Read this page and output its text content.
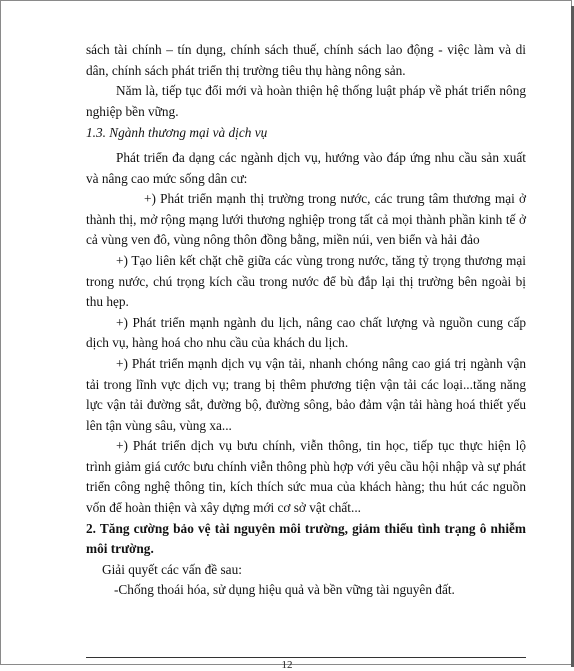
sách tài chính – tín dụng, chính sách thuế, chính sách lao động - việc làm và di dân, chính sách phát triển thị trường tiêu thụ hàng nông sản.

Năm là, tiếp tục đổi mới và hoàn thiện hệ thống luật pháp về phát triển nông nghiệp bền vững.

1.3. Ngành thương mại và dịch vụ

Phát triển đa dạng các ngành dịch vụ, hướng vào đáp ứng nhu cầu sản xuất và nâng cao mức sống dân cư:

+) Phát triển mạnh thị trường trong nước, các trung tâm thương mại ở thành thị, mở rộng mạng lưới thương nghiệp trong tất cả mọi thành phần kinh tế ở cả vùng ven đô, vùng nông thôn đồng bằng, miền núi, ven biển và hải đảo

+) Tạo liên kết chặt chẽ giữa các vùng trong nước, tăng tỷ trọng thương mại trong nước, chú trọng kích cầu trong nước để bù đắp lại thị trường bên ngoài bị thu hẹp.

+) Phát triển mạnh ngành du lịch, nâng cao chất lượng và nguồn cung cấp dịch vụ, hàng hoá cho nhu cầu của khách du lịch.

+) Phát triển mạnh dịch vụ vận tải, nhanh chóng nâng cao giá trị ngành vận tải trong lĩnh vực dịch vụ; trang bị thêm phương tiện vận tải các loại...tăng năng lực vận tải đường sắt, đường bộ, đường sông, bảo đảm vận tải hàng hoá thiết yếu lên tận vùng sâu, vùng xa...

+) Phát triển dịch vụ bưu chính, viễn thông, tin học, tiếp tục thực hiện lộ trình giảm giá cước bưu chính viễn thông phù hợp với yêu cầu hội nhập và sự phát triển công nghệ thông tin, kích thích sức mua của khách hàng; thu hút các nguồn vốn để hoàn thiện và xây dựng mới cơ sở vật chất...

2. Tăng cường bảo vệ tài nguyên môi trường, giảm thiểu tình trạng ô nhiễm môi trường.

Giải quyết các vấn đề sau:

-Chống thoái hóa, sử dụng hiệu quả và bền vững tài nguyên đất.

12
